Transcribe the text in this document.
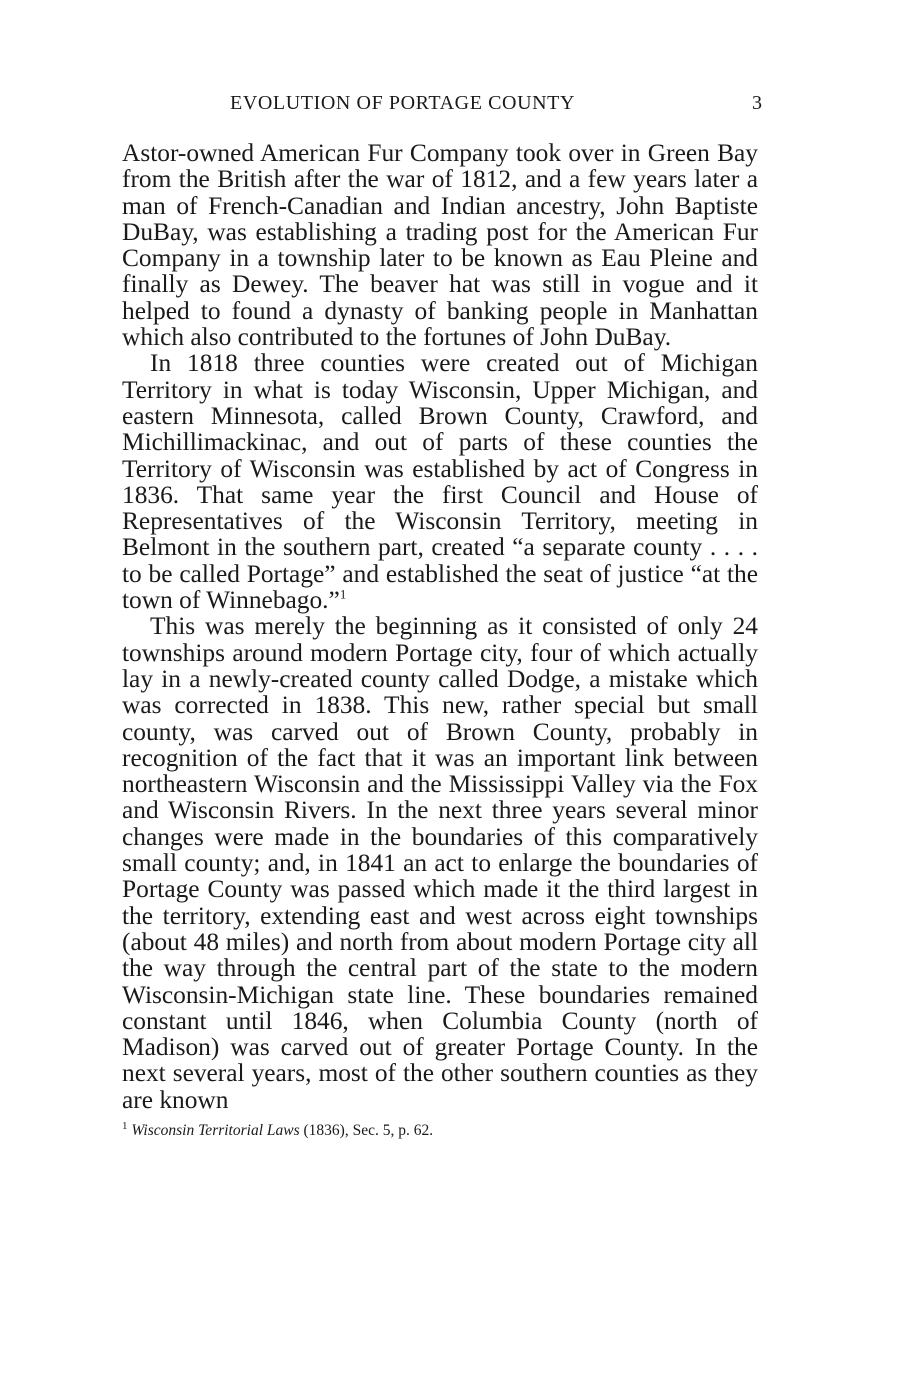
EVOLUTION OF PORTAGE COUNTY	3

Astor-owned American Fur Company took over in Green Bay from the British after the war of 1812, and a few years later a man of French-Canadian and Indian ancestry, John Baptiste DuBay, was establishing a trading post for the American Fur Company in a township later to be known as Eau Pleine and finally as Dewey. The beaver hat was still in vogue and it helped to found a dynasty of banking people in Manhattan which also contributed to the fortunes of John DuBay.

In 1818 three counties were created out of Michigan Territory in what is today Wisconsin, Upper Michigan, and eastern Minnesota, called Brown County, Crawford, and Michillimackinac, and out of parts of these counties the Territory of Wisconsin was established by act of Congress in 1836. That same year the first Council and House of Representatives of the Wisconsin Territory, meeting in Belmont in the southern part, created “a separate county . . . . to be called Portage” and established the seat of justice “at the town of Winnebago.”$^1$

This was merely the beginning as it consisted of only 24 townships around modern Portage city, four of which actually lay in a newly-created county called Dodge, a mistake which was corrected in 1838. This new, rather special but small county, was carved out of Brown County, probably in recognition of the fact that it was an important link between northeastern Wisconsin and the Mississippi Valley via the Fox and Wisconsin Rivers. In the next three years several minor changes were made in the boundaries of this comparatively small county; and, in 1841 an act to enlarge the boundaries of Portage County was passed which made it the third largest in the territory, extending east and west across eight townships (about 48 miles) and north from about modern Portage city all the way through the central part of the state to the modern Wisconsin-Michigan state line. These boundaries remained constant until 1846, when Columbia County (north of Madison) was carved out of greater Portage County. In the next several years, most of the other southern counties as they are known

$^1$ Wisconsin Territorial Laws (1836), Sec. 5, p. 62.
